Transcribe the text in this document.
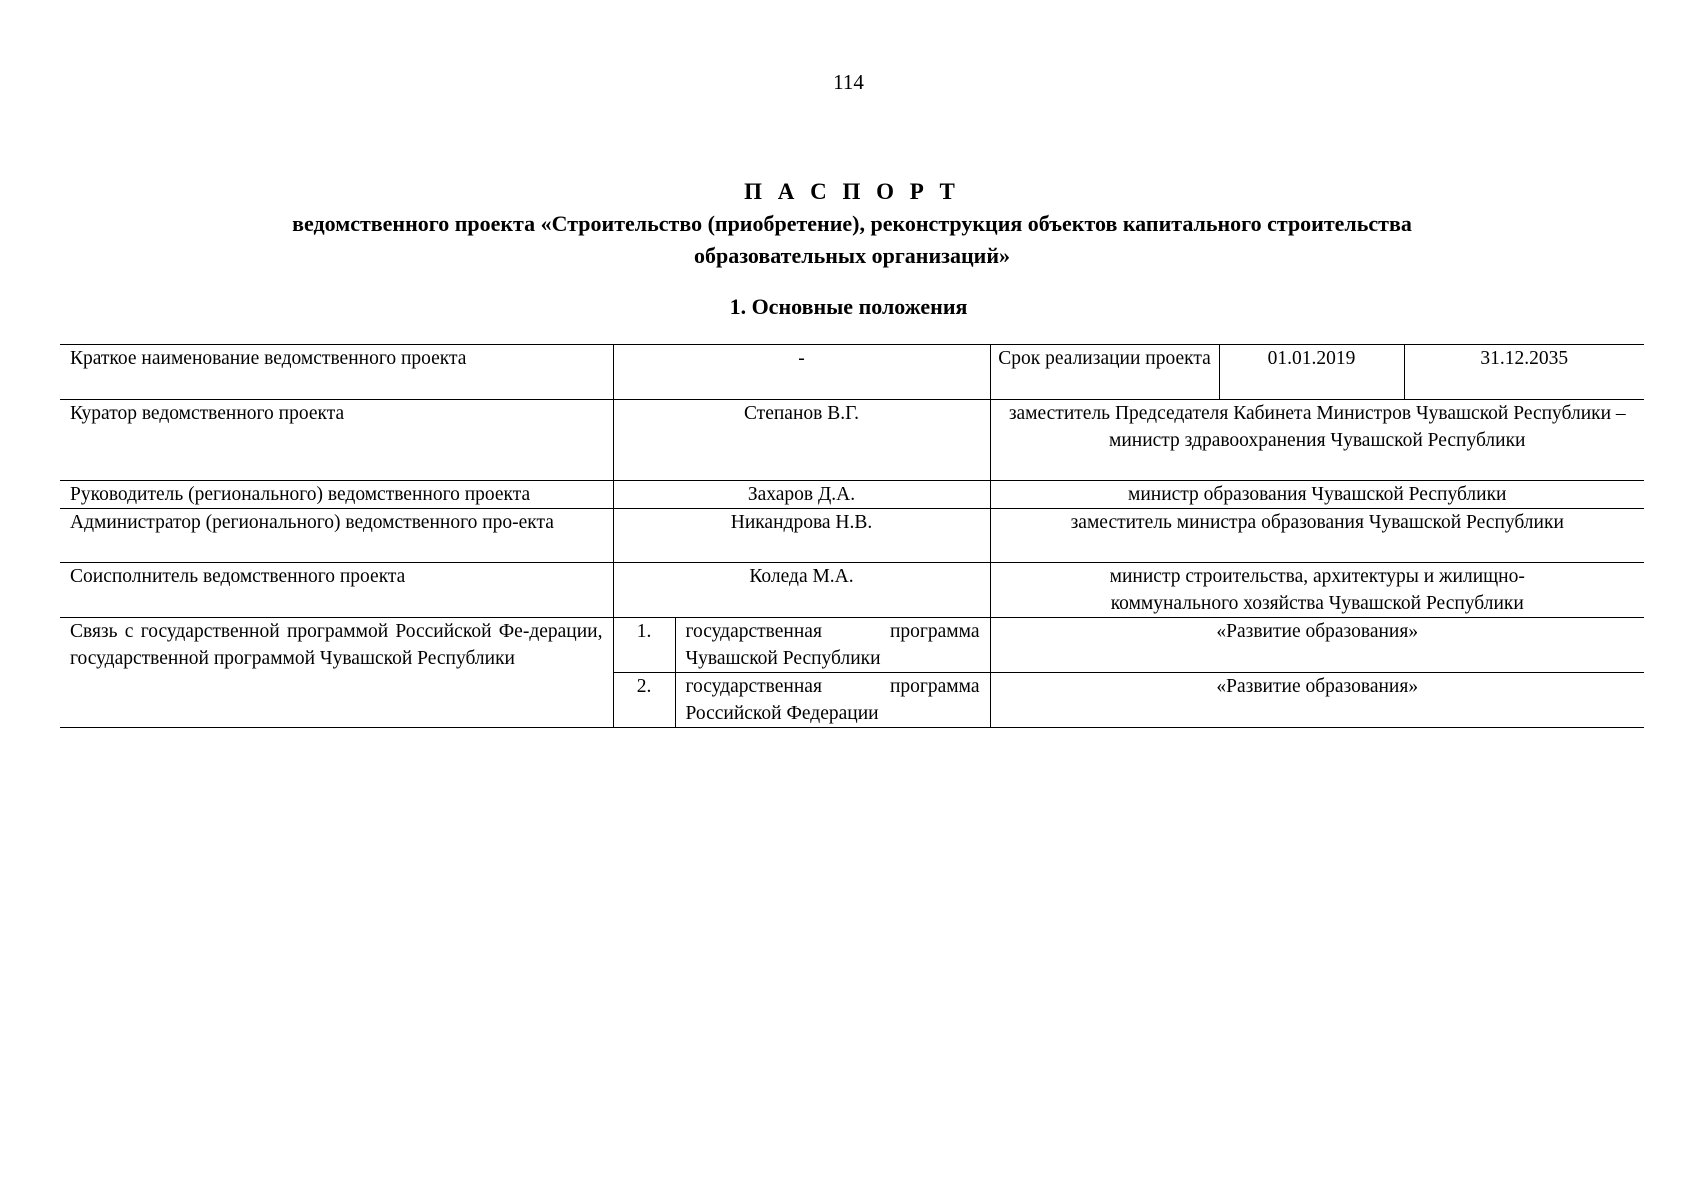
114
П А С П О Р Т
ведомственного проекта «Строительство (приобретение), реконструкция объектов капитального строительства
образовательных организаций»
1. Основные положения
Краткое наименование ведомственного проекта	-		Срок реализации проекта	01.01.2019	31.12.2035
Куратор ведомственного проекта	Степанов В.Г.		заместитель Председателя Кабинета Министров Чувашской Республики – министр здравоохранения Чувашской Республики		
Руководитель (регионального) ведомственного проекта	Захаров Д.А.		министр образования Чувашской Республики		
Администратор (регионального) ведомственного про-екта	Никандрова Н.В.		заместитель министра образования Чувашской Республики		
Соисполнитель ведомственного проекта	Коледа М.А.		министр строительства, архитектуры и жилищно-коммунального хозяйства Чувашской Республики		
Связь с государственной программой Российской Фе-дерации, государственной программой Чувашской Республики	1.	государственная программа Чувашской Республики	«Развитие образования»		
	2.	государственная программа Российской Федерации	«Развитие образования»		
